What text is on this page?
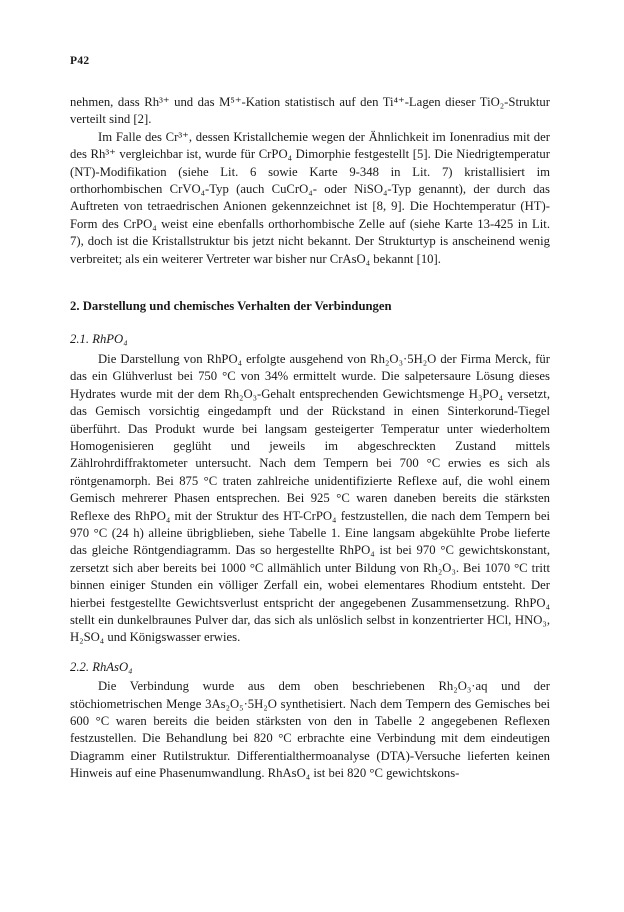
P42

nehmen, dass Rh³⁺ und das M⁵⁺-Kation statistisch auf den Ti⁴⁺-Lagen dieser TiO₂-Struktur verteilt sind [2].

Im Falle des Cr³⁺, dessen Kristallchemie wegen der Ähnlichkeit im Ionenradius mit der des Rh³⁺ vergleichbar ist, wurde für CrPO₄ Dimorphie festgestellt [5]. Die Niedrigtemperatur (NT)-Modifikation (siehe Lit. 6 sowie Karte 9-348 in Lit. 7) kristallisiert im orthorhombischen CrVO₄-Typ (auch CuCrO₄- oder NiSO₄-Typ genannt), der durch das Auftreten von tetraedrischen Anionen gekennzeichnet ist [8, 9]. Die Hochtemperatur (HT)-Form des CrPO₄ weist eine ebenfalls orthorhombische Zelle auf (siehe Karte 13-425 in Lit. 7), doch ist die Kristallstruktur bis jetzt nicht bekannt. Der Strukturtyp is anscheinend wenig verbreitet; als ein weiterer Vertreter war bisher nur CrAsO₄ bekannt [10].

2. Darstellung und chemisches Verhalten der Verbindungen
2.1. RhPO₄

Die Darstellung von RhPO₄ erfolgte ausgehend von Rh₂O₃·5H₂O der Firma Merck, für das ein Glühverlust bei 750 °C von 34% ermittelt wurde. Die salpetersaure Lösung dieses Hydrates wurde mit der dem Rh₂O₃-Gehalt entsprechenden Gewichtsmenge H₃PO₄ versetzt, das Gemisch vorsichtig eingedampft und der Rückstand in einen Sinterkorund-Tiegel überführt. Das Produkt wurde bei langsam gesteigerter Temperatur unter wiederholtem Homogenisieren geglüht und jeweils im abgeschreckten Zustand mittels Zählrohrdiffraktometer untersucht. Nach dem Tempern bei 700 °C erwies es sich als röntgenamorph. Bei 875 °C traten zahlreiche unidentifizierte Reflexe auf, die wohl einem Gemisch mehrerer Phasen entsprechen. Bei 925 °C waren daneben bereits die stärksten Reflexe des RhPO₄ mit der Struktur des HT-CrPO₄ festzustellen, die nach dem Tempern bei 970 °C (24 h) alleine übrigblieben, siehe Tabelle 1. Eine langsam abgekühlte Probe lieferte das gleiche Röntgendiagramm. Das so hergestellte RhPO₄ ist bei 970 °C gewichtskonstant, zersetzt sich aber bereits bei 1000 °C allmählich unter Bildung von Rh₂O₃. Bei 1070 °C tritt binnen einiger Stunden ein völliger Zerfall ein, wobei elementares Rhodium entsteht. Der hierbei festgestellte Gewichtsverlust entspricht der angegebenen Zusammensetzung. RhPO₄ stellt ein dunkelbraunes Pulver dar, das sich als unlöslich selbst in konzentrierter HCl, HNO₃, H₂SO₄ und Königswasser erwies.

2.2. RhAsO₄

Die Verbindung wurde aus dem oben beschriebenen Rh₂O₃·aq und der stöchiometrischen Menge 3As₂O₅·5H₂O synthetisiert. Nach dem Tempern des Gemisches bei 600 °C waren bereits die beiden stärksten von den in Tabelle 2 angegebenen Reflexen festzustellen. Die Behandlung bei 820 °C erbrachte eine Verbindung mit dem eindeutigen Diagramm einer Rutilstruktur. Differentialthermoanalyse (DTA)-Versuche lieferten keinen Hinweis auf eine Phasenumwandlung. RhAsO₄ ist bei 820 °C gewichtskons-
